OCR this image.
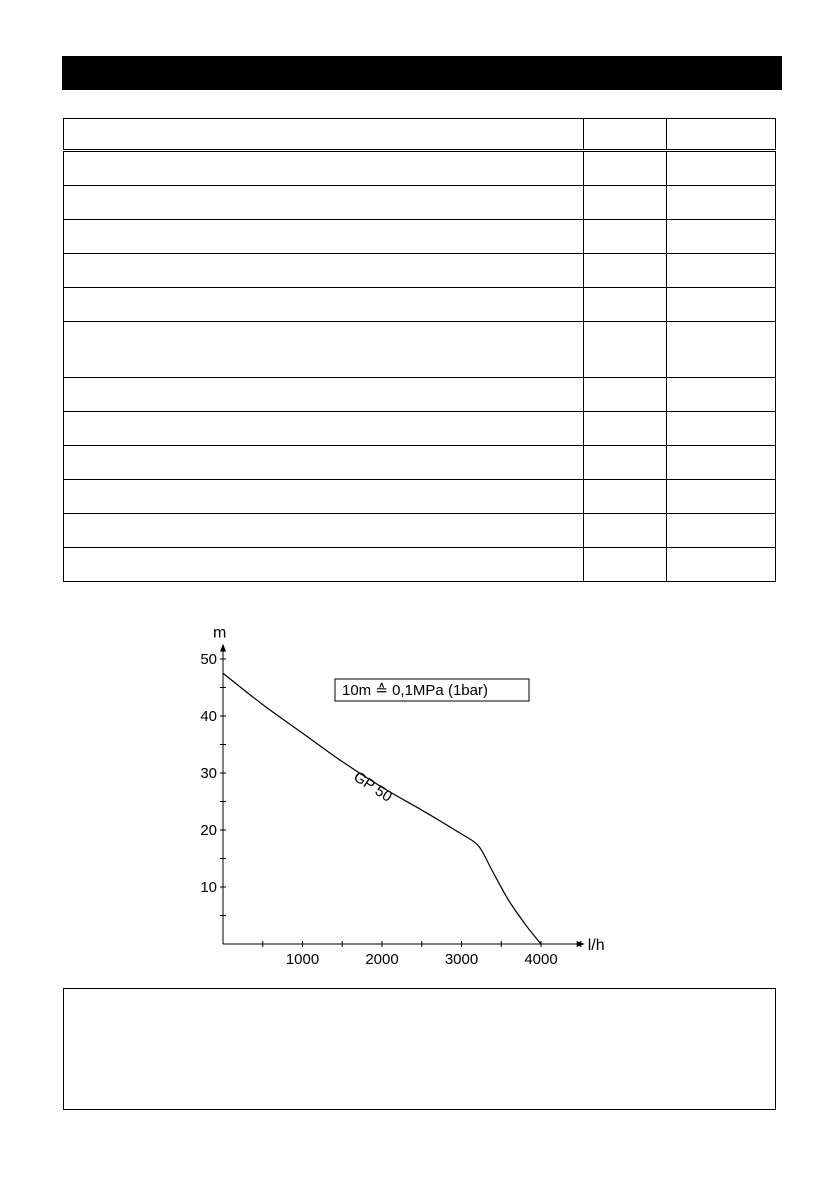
1000	2000	3000	4000
10
20
30
40
50
m
l/h
10m ≙ 0,1MPa (1bar)
GP 50
